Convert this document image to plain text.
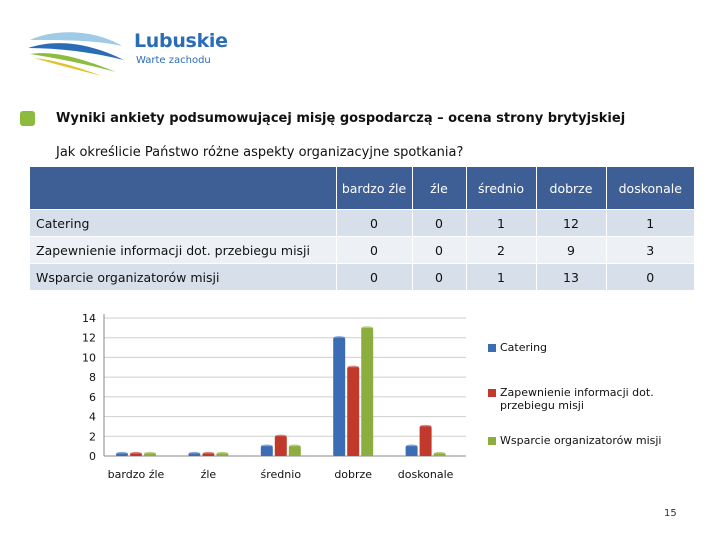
Lubuskie
Warte zachodu
Wyniki ankiety podsumowującej misję gospodarczą – ocena strony brytyjskiej
Jak określicie Państwo różne aspekty organizacyjne spotkania?
	bardzo źle	źle	średnio	dobrze	doskonale
Catering	0	0	1	12	1
Zapewnienie informacji dot. przebiegu misji	0	0	2	9	3
Wsparcie organizatorów misji	0	0	1	13	0
0
2
4
6
8
10
12
14
bardzo źle	źle	średnio	dobrze doskonale
Catering
Zapewnienie informacji dot.
przebiegu misji
Wsparcie organizatorów misji
15
